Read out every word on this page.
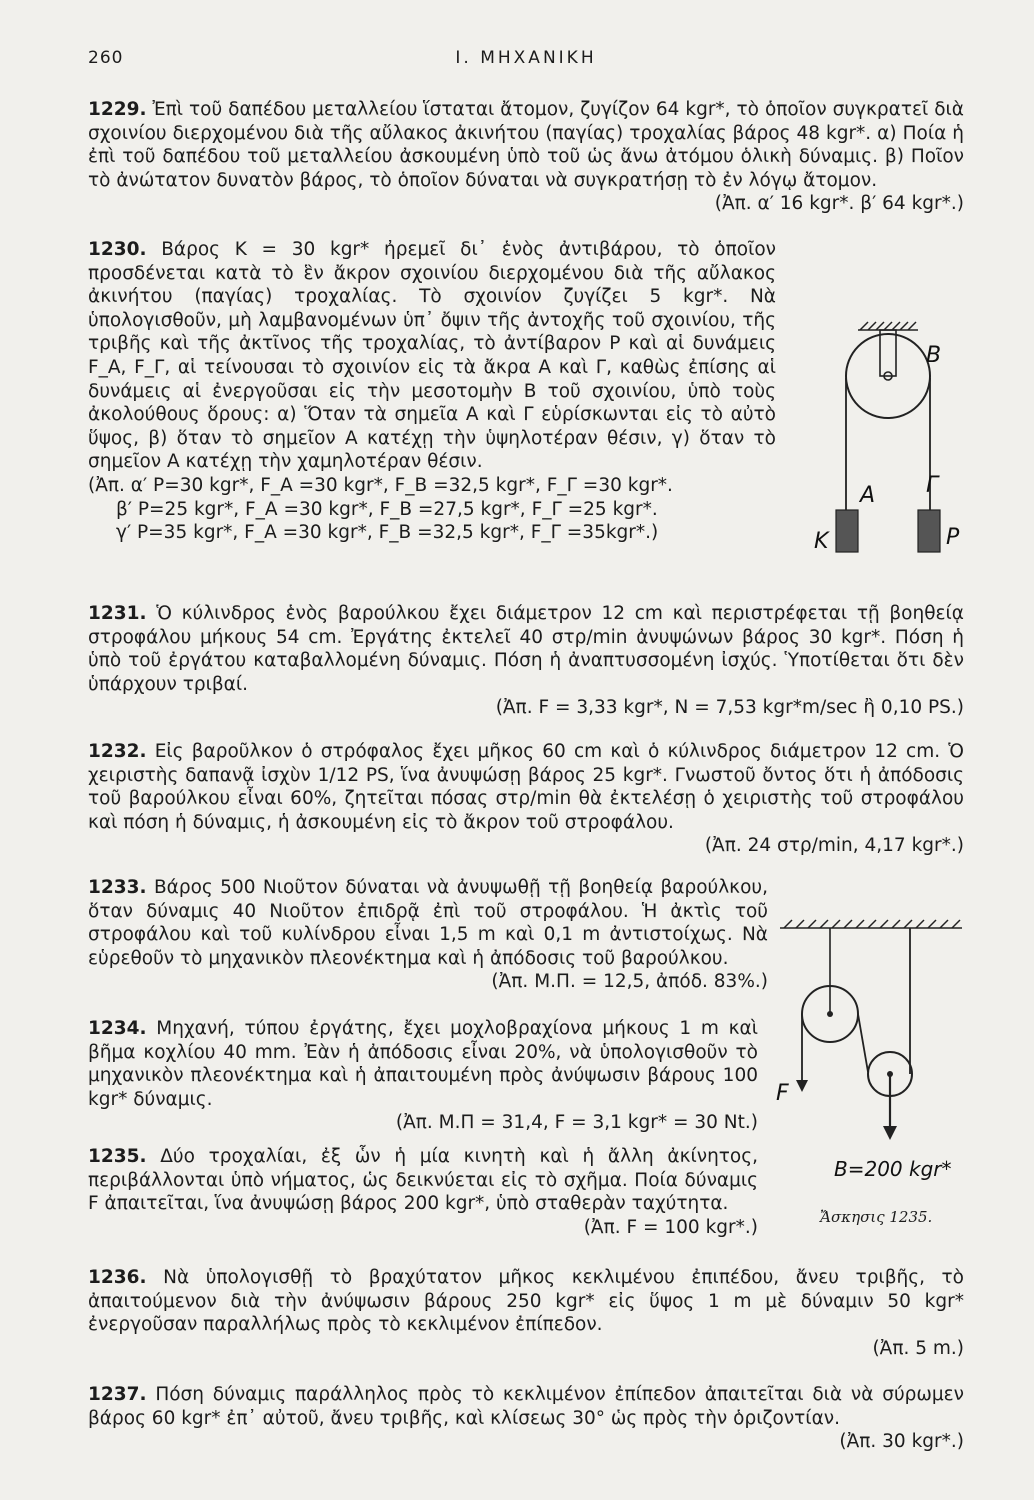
260	Ι. ΜΗΧΑΝΙΚΗ

1229. Ἐπὶ τοῦ δαπέδου μεταλλείου ἵσταται ἄτομον, ζυγίζον 64 kgr*, τὸ ὁποῖον συγκρατεῖ διὰ σχοινίου διερχομένου διὰ τῆς αὔλακος ἀκινήτου (παγίας) τροχαλίας βάρος 48 kgr*. α) Ποία ἡ ἐπὶ τοῦ δαπέδου τοῦ μεταλλείου ἀσκουμένη ὑπὸ τοῦ ὡς ἄνω ἀτόμου ὁλικὴ δύναμις. β) Ποῖον τὸ ἀνώτατον δυνατὸν βάρος, τὸ ὁποῖον δύναται νὰ συγκρατήσῃ τὸ ἐν λόγῳ ἄτομον.

(Ἀπ. α′ 16 kgr*. β′ 64 kgr*.)

1230. Βάρος K = 30 kgr* ἠρεμεῖ δι᾽ ἑνὸς ἀντιβάρου, τὸ ὁποῖον προσδένεται κατὰ τὸ ἓν ἄκρον σχοινίου διερχομένου διὰ τῆς αὔλακος ἀκινήτου (παγίας) τροχαλίας. Τὸ σχοινίον ζυγίζει 5 kgr*. Νὰ ὑπολογισθοῦν, μὴ λαμβανομένων ὑπ᾽ ὄψιν τῆς ἀντοχῆς τοῦ σχοινίου, τῆς τριβῆς καὶ τῆς ἀκτῖνος τῆς τροχαλίας, τὸ ἀντίβαρον P καὶ αἱ δυνάμεις F_A, F_Γ, αἱ τείνουσαι τὸ σχοινίον εἰς τὰ ἄκρα A καὶ Γ, καθὼς ἐπίσης αἱ δυνάμεις αἱ ἐνεργοῦσαι εἰς τὴν μεσοτομὴν B τοῦ σχοινίου, ὑπὸ τοὺς ἀκολούθους ὅρους: α) Ὅταν τὰ σημεῖα A καὶ Γ εὑρίσκωνται εἰς τὸ αὐτὸ ὕψος, β) ὅταν τὸ σημεῖον A κατέχῃ τὴν ὑψηλοτέραν θέσιν, γ) ὅταν τὸ σημεῖον A κατέχῃ τὴν χαμηλοτέραν θέσιν.

(Ἀπ. α′ P=30 kgr*, F_A =30 kgr*, F_B =32,5 kgr*, F_Γ =30 kgr*.

β′ P=25 kgr*, F_A =30 kgr*, F_B =27,5 kgr*, F_Γ =25 kgr*.

γ′ P=35 kgr*, F_A =30 kgr*, F_B =32,5 kgr*, F_Γ =35kgr*.)

B
A Γ
K	P

1231. Ὁ κύλινδρος ἑνὸς βαρούλκου ἔχει διάμετρον 12 cm καὶ περιστρέφεται τῇ βοηθείᾳ στροφάλου μήκους 54 cm. Ἐργάτης ἐκτελεῖ 40 στρ/min ἀνυψώνων βάρος 30 kgr*. Πόση ἡ ὑπὸ τοῦ ἐργάτου καταβαλλομένη δύναμις. Πόση ἡ ἀναπτυσσομένη ἰσχύς. Ὑποτίθεται ὅτι δὲν ὑπάρχουν τριβαί.

(Ἀπ. F = 3,33 kgr*, N = 7,53 kgr*m/sec ἢ 0,10 PS.)

1232. Εἰς βαροῦλκον ὁ στρόφαλος ἔχει μῆκος 60 cm καὶ ὁ κύλινδρος διάμετρον 12 cm. Ὁ χειριστὴς δαπανᾷ ἰσχὺν 1/12 PS, ἵνα ἀνυψώσῃ βάρος 25 kgr*. Γνωστοῦ ὄντος ὅτι ἡ ἀπόδοσις τοῦ βαρούλκου εἶναι 60%, ζητεῖται πόσας στρ/min θὰ ἐκτελέσῃ ὁ χειριστὴς τοῦ στροφάλου καὶ πόση ἡ δύναμις, ἡ ἀσκουμένη εἰς τὸ ἄκρον τοῦ στροφάλου.

(Ἀπ. 24 στρ/min, 4,17 kgr*.)

1233. Βάρος 500 Νιοῦτον δύναται νὰ ἀνυψωθῇ τῇ βοηθείᾳ βαρούλκου, ὅταν δύναμις 40 Νιοῦτον ἐπιδρᾷ ἐπὶ τοῦ στροφάλου. Ἡ ἀκτὶς τοῦ στροφάλου καὶ τοῦ κυλίνδρου εἶναι 1,5 m καὶ 0,1 m ἀντιστοίχως. Νὰ εὑρεθοῦν τὸ μηχανικὸν πλεονέκτημα καὶ ἡ ἀπόδοσις τοῦ βαρούλκου.

(Ἀπ. Μ.Π. = 12,5, ἀπόδ. 83%.)

1234. Μηχανή, τύπου ἐργάτης, ἔχει μοχλοβραχίονα μήκους 1 m καὶ βῆμα κοχλίου 40 mm. Ἐὰν ἡ ἀπόδοσις εἶναι 20%, νὰ ὑπολογισθοῦν τὸ μηχανικὸν πλεονέκτημα καὶ ἡ ἀπαιτουμένη πρὸς ἀνύψωσιν βάρους 100 kgr* δύναμις.

(Ἀπ. Μ.Π = 31,4, F = 3,1 kgr* = 30 Nt.)

1235. Δύο τροχαλίαι, ἐξ ὧν ἡ μία κινητὴ καὶ ἡ ἄλλη ἀκίνητος, περιβάλλονται ὑπὸ νήματος, ὡς δεικνύεται εἰς τὸ σχῆμα. Ποία δύναμις F ἀπαιτεῖται, ἵνα ἀνυψώσῃ βάρος 200 kgr*, ὑπὸ σταθερὰν ταχύτητα.

(Ἀπ. F = 100 kgr*.)

F
B=200 kgr*
Ἄσκησις 1235.

1236. Νὰ ὑπολογισθῇ τὸ βραχύτατον μῆκος κεκλιμένου ἐπιπέδου, ἄνευ τριβῆς, τὸ ἀπαιτούμενον διὰ τὴν ἀνύψωσιν βάρους 250 kgr* εἰς ὕψος 1 m μὲ δύναμιν 50 kgr* ἐνεργοῦσαν παραλλήλως πρὸς τὸ κεκλιμένον ἐπίπεδον.

(Ἀπ. 5 m.)

1237. Πόση δύναμις παράλληλος πρὸς τὸ κεκλιμένον ἐπίπεδον ἀπαιτεῖται διὰ νὰ σύρωμεν βάρος 60 kgr* ἐπ᾽ αὐτοῦ, ἄνευ τριβῆς, καὶ κλίσεως 30° ὡς πρὸς τὴν ὁριζοντίαν.

(Ἀπ. 30 kgr*.)
